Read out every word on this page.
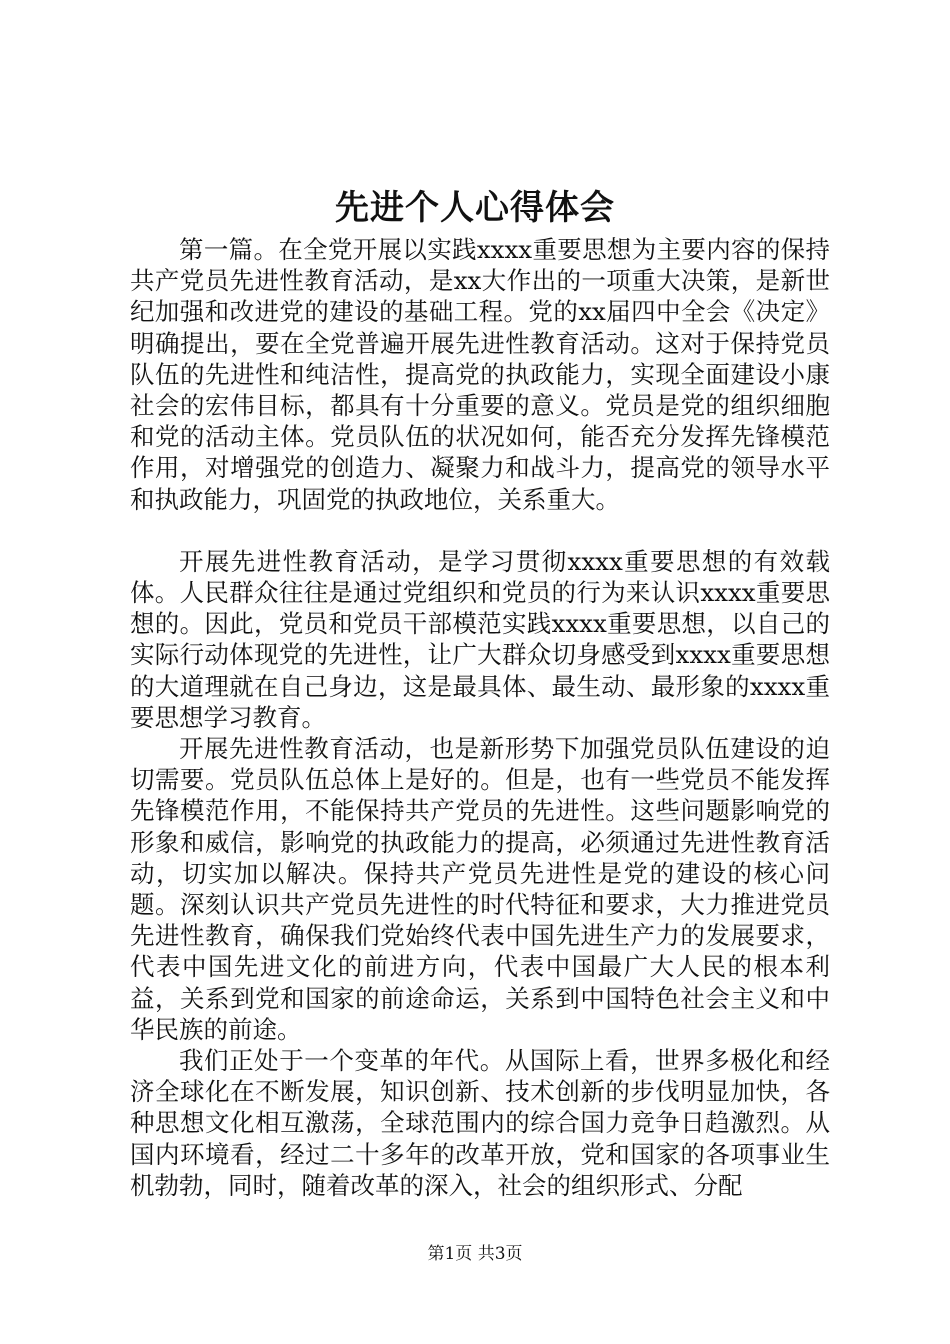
先进个人心得体会

第一篇。在全党开展以实践xxxx重要思想为主要内容的保持共产党员先进性教育活动，是xx大作出的一项重大决策，是新世纪加强和改进党的建设的基础工程。党的xx届四中全会《决定》明确提出，要在全党普遍开展先进性教育活动。这对于保持党员队伍的先进性和纯洁性，提高党的执政能力，实现全面建设小康社会的宏伟目标，都具有十分重要的意义。党员是党的组织细胞和党的活动主体。党员队伍的状况如何，能否充分发挥先锋模范作用，对增强党的创造力、凝聚力和战斗力，提高党的领导水平和执政能力，巩固党的执政地位，关系重大。

开展先进性教育活动，是学习贯彻xxxx重要思想的有效载体。人民群众往往是通过党组织和党员的行为来认识xxxx重要思想的。因此，党员和党员干部模范实践xxxx重要思想，以自己的实际行动体现党的先进性，让广大群众切身感受到xxxx重要思想的大道理就在自己身边，这是最具体、最生动、最形象的xxxx重要思想学习教育。

开展先进性教育活动，也是新形势下加强党员队伍建设的迫切需要。党员队伍总体上是好的。但是，也有一些党员不能发挥先锋模范作用，不能保持共产党员的先进性。这些问题影响党的形象和威信，影响党的执政能力的提高，必须通过先进性教育活动，切实加以解决。保持共产党员先进性是党的建设的核心问题。深刻认识共产党员先进性的时代特征和要求，大力推进党员先进性教育，确保我们党始终代表中国先进生产力的发展要求，代表中国先进文化的前进方向，代表中国最广大人民的根本利益，关系到党和国家的前途命运，关系到中国特色社会主义和中华民族的前途。

我们正处于一个变革的年代。从国际上看，世界多极化和经济全球化在不断发展，知识创新、技术创新的步伐明显加快，各种思想文化相互激荡，全球范围内的综合国力竞争日趋激烈。从国内环境看，经过二十多年的改革开放，党和国家的各项事业生机勃勃，同时，随着改革的深入，社会的组织形式、分配

第1页 共3页
